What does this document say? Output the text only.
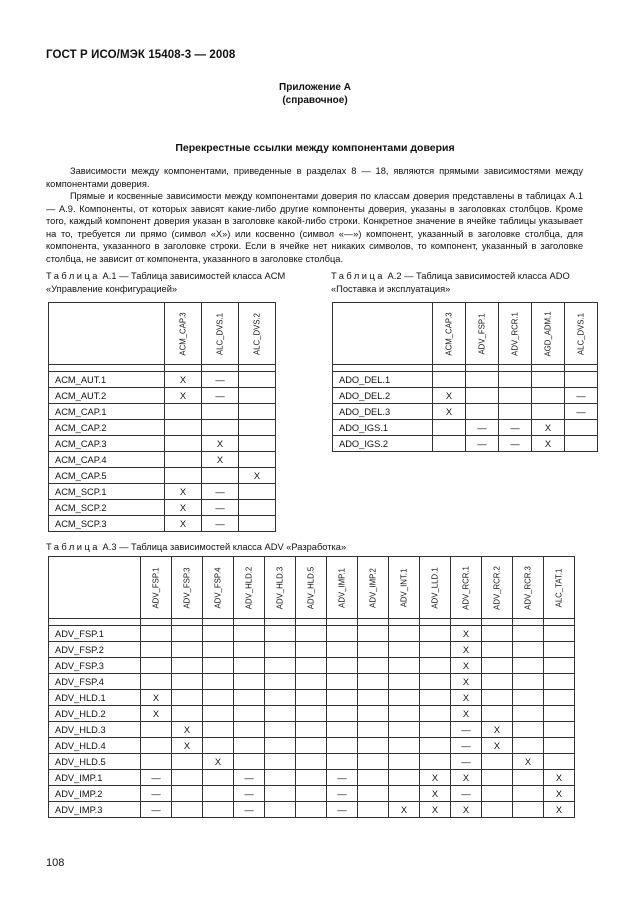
ГОСТ Р ИСО/МЭК 15408-3 — 2008
Приложение А
(справочное)
Перекрестные ссылки между компонентами доверия
Зависимости между компонентами, приведенные в разделах 8 — 18, являются прямыми зависимостями между компонентами доверия.
Прямые и косвенные зависимости между компонентами доверия по классам доверия представлены в таблицах А.1 — А.9. Компоненты, от которых зависят какие-либо другие компоненты доверия, указаны в заголовках столбцов. Кроме того, каждый компонент доверия указан в заголовке какой-либо строки. Конкретное значение в ячейке таблицы указывает на то, требуется ли прямо (символ «X») или косвенно (символ «—») компонент, указанный в заголовке столбца, для компонента, указанного в заголовке строки. Если в ячейке нет никаких символов, то компонент, указанный в заголовке столбца, не зависит от компонента, указанного в заголовке столбца.
Таблица А.1 — Таблица зависимостей класса ACM «Управление конфигурацией»
Таблица А.2 — Таблица зависимостей класса ADO «Поставка и эксплуатация»

	ACM_CAP.3	ALC_DVS.1	ALC_DVS.2

ACM_AUT.1	X	—	
ACM_AUT.2	X	—	
ACM_CAP.1			
ACM_CAP.2			
ACM_CAP.3		X	
ACM_CAP.4		X	
ACM_CAP.5			X
ACM_SCP.1	X	—	
ACM_SCP.2	X	—	
ACM_SCP.3	X	—	

	ACM_CAP.3	ADV_FSP.1	ADV_RCR.1	AGD_ADM.1	ALC_DVS.1

ADO_DEL.1					
ADO_DEL.2	X				—
ADO_DEL.3	X				—
ADO_IGS.1		—	—	X	
ADO_IGS.2		—	—	X	
Таблица А.3 — Таблица зависимостей класса ADV «Разработка»

	ADV_FSP.1	ADV_FSP.3	ADV_FSP.4	ADV_HLD.2	ADV_HLD.3	ADV_HLD.5	ADV_IMP.1	ADV_IMP.2	ADV_INT.1	ADV_LLD.1	ADV_RCR.1	ADV_RCR.2	ADV_RCR.3	ALC_TAT.1

ADV_FSP.1											X			
ADV_FSP.2											X			
ADV_FSP.3											X			
ADV_FSP.4											X			
ADV_HLD.1	X										X			
ADV_HLD.2	X										X			
ADV_HLD.3		X									—	X		
ADV_HLD.4		X									—	X		
ADV_HLD.5			X								—		X	
ADV_IMP.1	—			—			—			X	X			X
ADV_IMP.2	—			—			—			X	—			X
ADV_IMP.3	—			—			—		X	X	X			X
108
